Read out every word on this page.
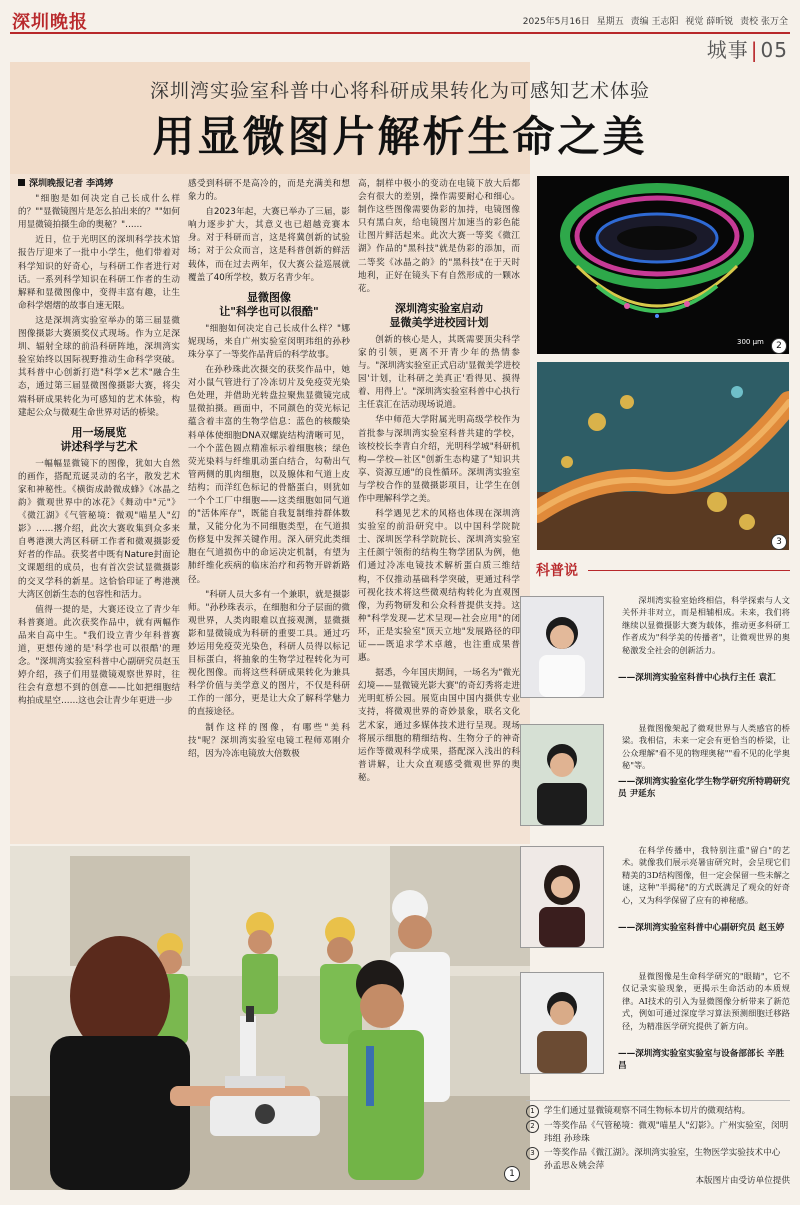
深圳晚报	2025年5月16日 星期五 责编 王志阳 视觉 薛昕锐 责校 张万全
城事 | 05
深圳湾实验室科普中心将科研成果转化为可感知艺术体验
用显微图片解析生命之美

深圳晚报记者 李鸿婷

"细胞是如何决定自己长成什么样的？""显微镜图片是怎么拍出来的？""如何用显微镜拍摄生命的奥秘？"……

近日，位于光明区的深圳科学技术馆报告厅迎来了一批中小学生，他们带着对科学知识的好奇心，与科研工作者进行对话。一系列科学知识在科研工作者的生动解释和显微图像中，变得丰富有趣，让生命科学熠熠的故事自速无限。

这是深圳湾实验室举办的第三届显微图像摄影大赛颁奖仪式现场。作为立足深圳、辐射全球的前沿科研阵地，深圳湾实验室始终以国际视野推动生命科学突破。其科普中心创新打造"科学×艺术"融合生态，通过第三届显微图像摄影大赛，将尖端科研成果转化为可感知的艺术体验，构建起公众与微观生命世界对话的桥梁。

用一场展览
讲述科学与艺术

一幅幅显微镜下的图像，犹如大自然的画作，搭配荒诞灵动的名字，散发艺术家和神秘性。《横街成龄微成蜂》《冰晶之韵》微观世界中的冰花》《舞动中"元"》《微江湖》《气管秘境：微观"喵星人"幻影》……撂介绍，此次大赛收集到众多来自粤港澳大湾区科研工作者和微观摄影爱好者的作品。获奖者中既有Nature封面论文课题组的成员，也有首次尝试显微摄影的交叉学科的新星。这恰恰印证了粤港澳大湾区创新生态的包容性和活力。

值得一提的是，大赛还设立了青少年科普赛道。此次获奖作品中，就有两幅作品来自高中生。"我们设立青少年科普赛道，更想传递的是'科学也可以很酷'的理念。"深圳湾实验室科普中心副研究员赵玉婷介绍，孩子们用显微镜观察世界时，往往会有意想不到的创意——比如把细胞结构拍成星空……这也会让青少年更进一步

感受到科研不是高冷的，而是充满美和想象力的。

自2023年起，大赛已举办了三届，影响力逐步扩大，其意义也已超越竞赛本身。对于科研而言，这是将冀创新的试验场；对于公众而言，这是科普创新的鲜活载体，而在过去两年，仅大赛公益巡展就覆盖了40所学校，数万名青少年。

显微图像
让"科学也可以很酷"

"细胞如何决定自己长成什么样？"娜妮现场，来自广州实验室闵明玮组的孙秒珠分享了一等奖作品背后的科学故事。

在孙秒珠此次摄交的获奖作品中，她对小鼠气管进行了冷冻切片及免疫荧光染色处理，并借助光转盘拉聚焦显微镜完成显微拍摄。画面中，不同颜色的荧光标记蕴含着丰富的生物学信息：蓝色的核酸染料单体使细胞DNA双螺旋结构清晰可见，一个个蓝色圆点精准标示着细胞核；绿色荧光染料与纤维肌动蛋白结合，勾勒出气管两侧的肌肉细胞，以及腺体和气道上皮结构；而洋红色标记的骨骼蛋白，则犹如一个个工厂中细胞——这类细胞如同气道的"活体库存"，既能自我复制维持群体数量，又能分化为不同细胞类型，在气道损伤修复中发挥关键作用。深入研究此类细胞在气道损伤中的命运决定机制，有望为肺纤维化疾病的临床治疗和药物开辟新路径。

"科研人员大多有一个兼职，就是摄影师。"孙秒珠表示，在细胞和分子层面的微观世界，人类肉眼难以直接观测，显微摄影和显微镜成为科研的重要工具。通过巧妙运用免疫荧光染色，科研人员得以标记目标蛋白，将抽象的生物学过程转化为可视化图像。而将这些科研成果转化为兼具科学价值与美学意义的图片，不仅是科研工作的一部分，更是让大众了解科学魅力的直接途径。

制作这样的图像，有哪些"美科技"呢？深圳湾实验室电镜工程师邓刚介绍，因为冷冻电镜放大倍数极

高，制样中极小的变动在电镜下放大后都会有很大的差别，操作需要耐心和细心。制作这些图像需要伪彩的加持，电镜图像只有黑白灰，给电镜图片加速当的彩色能让图片鲜活起来。此次大赛一等奖《微江湖》作品的"黑科技"就是伪彩的添加，而二等奖《冰晶之韵》的"黑科技"在于天时地利，正好在镜头下有自然形成的一颗冰花。

深圳湾实验室启动
显微美学进校园计划

创新的核心是人，其既需要顶尖科学家的引领，更离不开青少年的热情参与。"深圳湾实验室正式启动'显微美学进校园'计划，让科研之美真正'看得见、摸得着、用得上'。"深圳湾实验室科普中心执行主任袁汇在活动现场说道。

华中师范大学附属光明高级学校作为首批参与深圳湾实验室科普共建的学校，该校校长李青白介绍，光明科学城"科研机构—学校—社区"创新生态构建了"知识共享、资源互通"的良性循环。深圳湾实验室与学校合作的显微摄影项目，让学生在创作中理解科学之美。

科学遇见艺术的风格也体现在深圳湾实验室的前沿研究中。以中国科学院院士、深圳医学科学院院长、深圳湾实验室主任颜宁领衔的结构生物学团队为例，他们通过冷冻电镜技术解析蛋白质三维结构，不仅推动基础科学突破，更通过科学可视化技术将这些微观结构转化为直观图像，为药物研发和公众科普提供支持。这种"科学发现—艺术呈现—社会应用"的闭环，正是实验室"顶天立地"发展路径的印证——既追求学术卓越，也注重成果普惠。

据悉，今年国庆期间，一场名为"微光幻境——显微镜光影大赛"的奇幻秀将走进光明虹桥公园。展览由国中国内摄供专业支持，将微观世界的奇妙景象，联名文化艺术家，通过多媒体技术进行呈现。现场将展示细胞的精细结构、生物分子的神奇运作等微观科学成果，搭配深入浅出的科普讲解，让大众直观感受微观世界的奥秘。

1
300 μm	2
3
科普说

深圳湾实验室始终相信，科学探索与人文关怀并非对立，而是相辅相成。未来，我们将继续以显微摄影大赛为载体，推动更多科研工作者成为"科学美的传播者"，让微观世界的奥秘激发全社会的创新活力。

——深圳湾实验室科普中心执行主任 袁汇

显微图像架起了微观世界与人类感官的桥梁。我相信，未来一定会有更恰当的桥梁，让公众理解"看不见的物理奥秘""看不见的化学奥秘"等。

——深圳湾实验室化学生物学研究所特聘研究员 尹延东

在科学传播中，我特别注重"留白"的艺术。就像我们展示亮暑宙研究时，会呈现它们精美的3D结构图像，但一定会保留一些未解之谜，这种"半揭秘"的方式既满足了观众的好奇心，又为科学保留了应有的神秘感。

——深圳湾实验室科普中心副研究员 赵玉婷

显微图像是生命科学研究的"眼睛"，它不仅记录实验现象，更揭示生命活动的本质规律。AI技术的引入为显微图像分析带来了新范式，例如可通过深度学习算法预测细胞迁移路径，为精准医学研究提供了新方向。

——深圳湾实验室实验室与设备部部长 辛胜昌
1	学生们通过显微镜观察不同生物标本切片的微观结构。
2	一等奖作品《气管秘境：微观"喵星人"幻影》。广州实验室，闵明玮组 孙珍珠
3	一等奖作品《微江湖》。深圳湾实验室，生物医学实验技术中心 孙孟思＆姚会萍
本版图片由受访单位提供
